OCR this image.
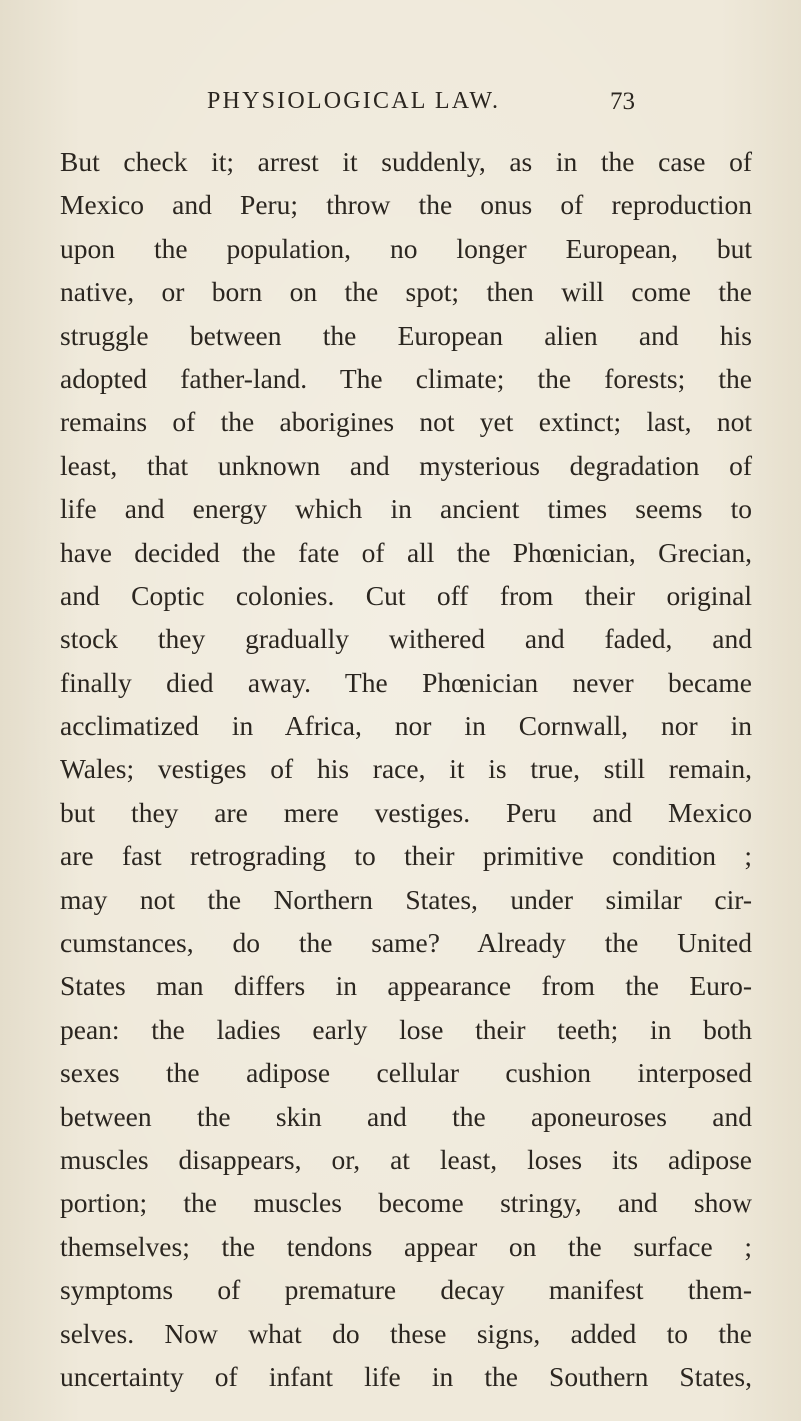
PHYSIOLOGICAL LAW.	73
But check it; arrest it suddenly, as in the case of
Mexico and Peru; throw the onus of reproduction
upon the population, no longer European, but
native, or born on the spot; then will come the
struggle between the European alien and his
adopted father-land. The climate; the forests; the
remains of the aborigines not yet extinct; last, not
least, that unknown and mysterious degradation of
life and energy which in ancient times seems to
have decided the fate of all the Phœnician, Grecian,
and Coptic colonies. Cut off from their original
stock they gradually withered and faded, and
finally died away. The Phœnician never became
acclimatized in Africa, nor in Cornwall, nor in
Wales; vestiges of his race, it is true, still remain,
but they are mere vestiges. Peru and Mexico
are fast retrograding to their primitive condition ;
may not the Northern States, under similar cir-
cumstances, do the same? Already the United
States man differs in appearance from the Euro-
pean: the ladies early lose their teeth; in both
sexes the adipose cellular cushion interposed
between the skin and the aponeuroses and
muscles disappears, or, at least, loses its adipose
portion; the muscles become stringy, and show
themselves; the tendons appear on the surface ;
symptoms of premature decay manifest them-
selves. Now what do these signs, added to the
uncertainty of infant life in the Southern States,
